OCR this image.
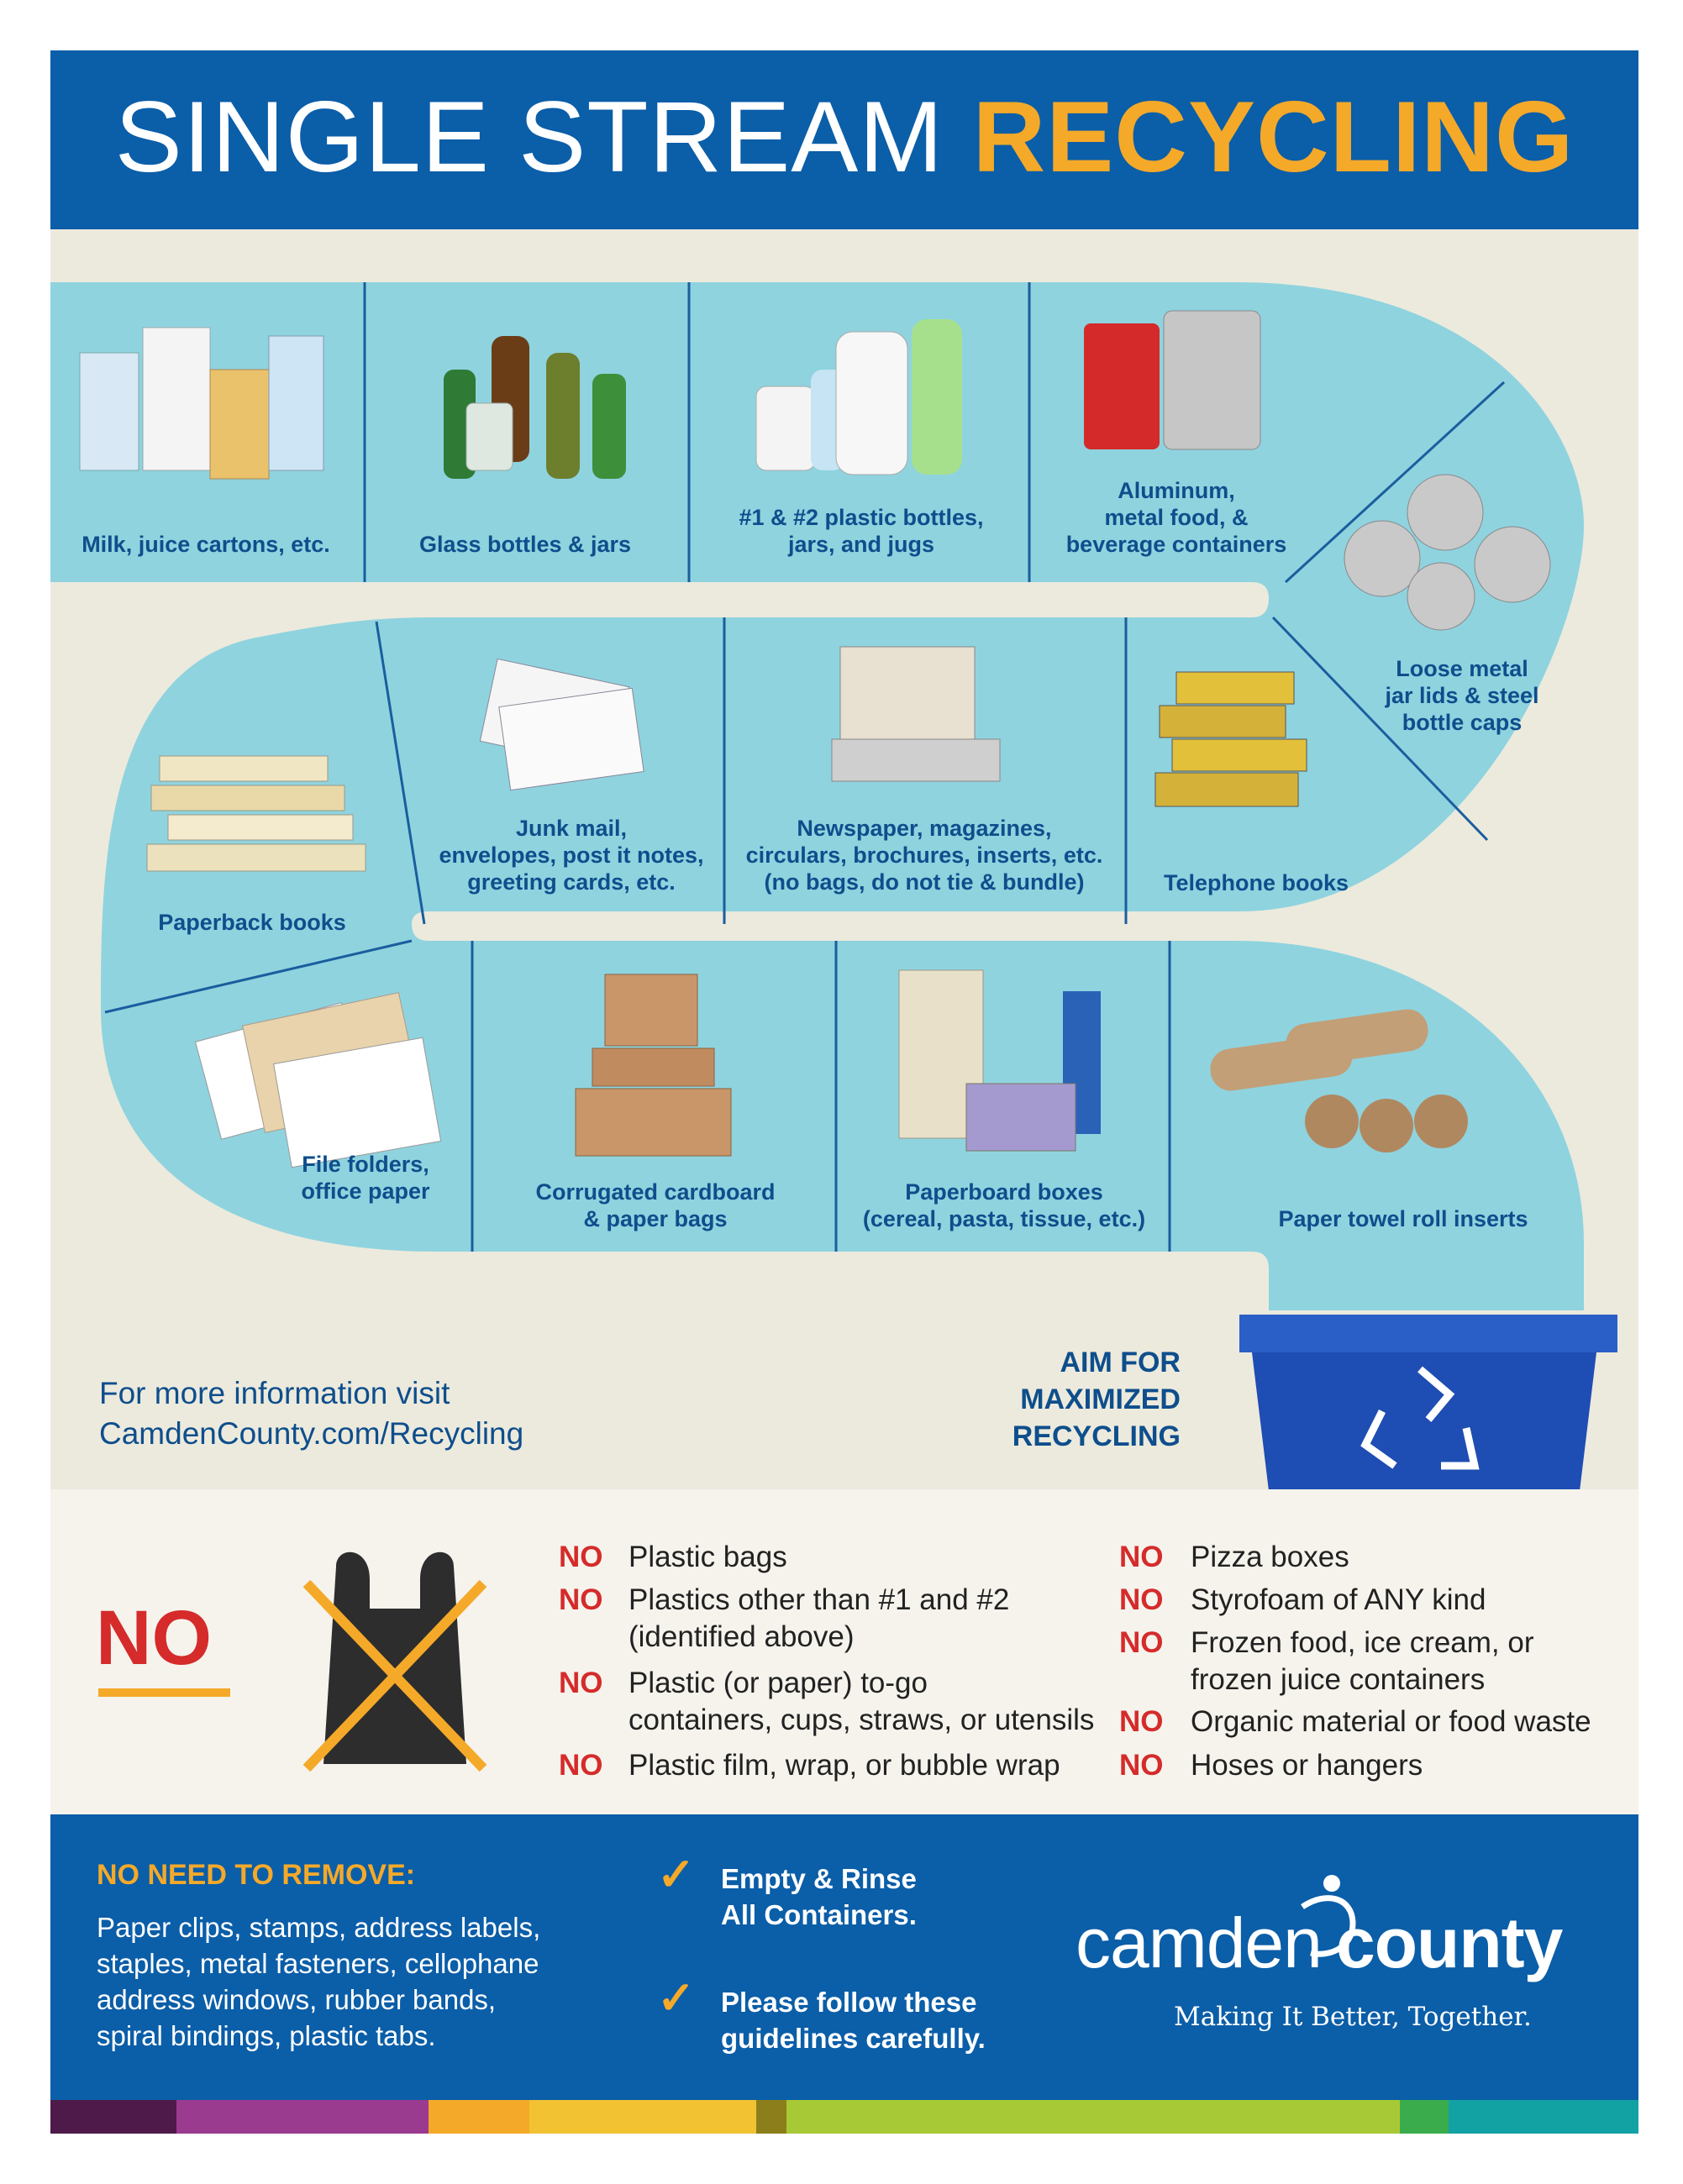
SINGLE STREAM RECYCLING
Milk, juice cartons, etc.	Glass bottles & jars
#1 & #2 plastic bottles,
jars, and jugs
Aluminum,
metal food, &
beverage containers
Loose metal
jar lids & steel
bottle caps
Telephone books
Newspaper, magazines,
circulars, brochures, inserts, etc.
(no bags, do not tie & bundle)
Junk mail,
envelopes, post it notes,
greeting cards, etc.
Paperback books
File folders,
office paper	Corrugated cardboard
& paper bags
Paperboard boxes
(cereal, pasta, tissue, etc.)	Paper towel roll inserts
For more information visit
CamdenCounty.com/Recycling
AIM FOR
MAXIMIZED
RECYCLING
NO
NO Plastic bags
NO Plastics other than #1 and #2
(identified above)
NO Plastic (or paper) to-go
containers, cups, straws, or utensils
NO Plastic film, wrap, or bubble wrap
NO Pizza boxes
NO Styrofoam of ANY kind
NO Frozen food, ice cream, or
frozen juice containers
NO Organic material or food waste
NO Hoses or hangers
NO NEED TO REMOVE:
Paper clips, stamps, address labels,
staples, metal fasteners, cellophane
address windows, rubber bands,
spiral bindings, plastic tabs.
✓ Empty & Rinse
All Containers.
✓ Please follow these
guidelines carefully.
camden county
Making It Better, Together.
